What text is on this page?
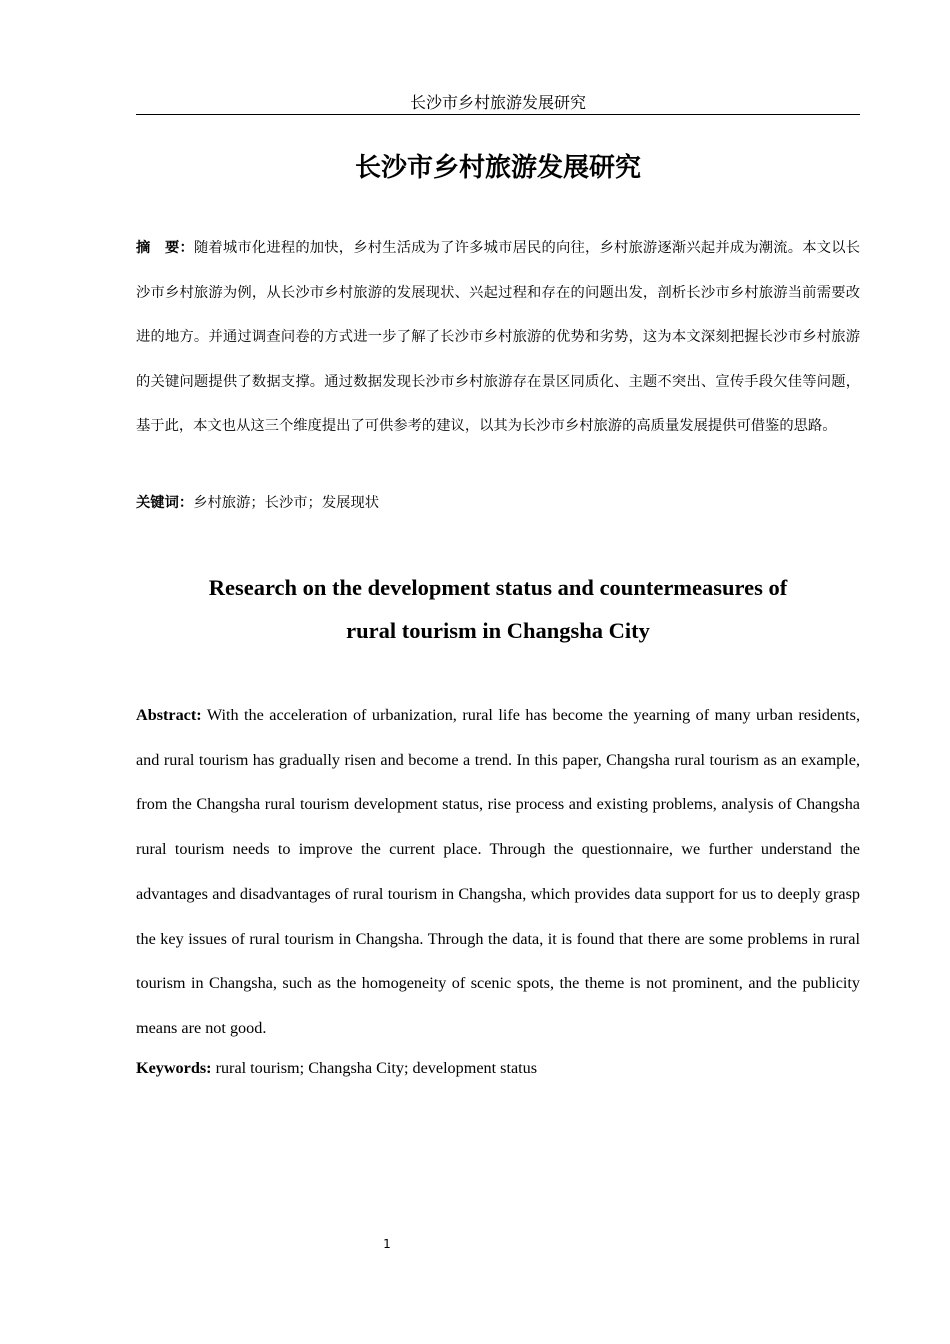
长沙市乡村旅游发展研究
长沙市乡村旅游发展研究
摘　要：随着城市化进程的加快，乡村生活成为了许多城市居民的向往，乡村旅游逐渐兴起并成为潮流。本文以长沙市乡村旅游为例，从长沙市乡村旅游的发展现状、兴起过程和存在的问题出发，剖析长沙市乡村旅游当前需要改进的地方。并通过调查问卷的方式进一步了解了长沙市乡村旅游的优势和劣势，这为本文深刻把握长沙市乡村旅游的关键问题提供了数据支撑。通过数据发现长沙市乡村旅游存在景区同质化、主题不突出、宣传手段欠佳等问题，基于此，本文也从这三个维度提出了可供参考的建议，以其为长沙市乡村旅游的高质量发展提供可借鉴的思路。
关键词：乡村旅游；长沙市；发展现状
Research on the development status and countermeasures of
rural tourism in Changsha City
Abstract: With the acceleration of urbanization, rural life has become the yearning of many urban residents, and rural tourism has gradually risen and become a trend. In this paper, Changsha rural tourism as an example, from the Changsha rural tourism development status, rise process and existing problems, analysis of Changsha rural tourism needs to improve the current place. Through the questionnaire, we further understand the advantages and disadvantages of rural tourism in Changsha, which provides data support for us to deeply grasp the key issues of rural tourism in Changsha. Through the data, it is found that there are some problems in rural tourism in Changsha, such as the homogeneity of scenic spots, the theme is not prominent, and the publicity means are not good.
Keywords: rural tourism; Changsha City; development status
1
